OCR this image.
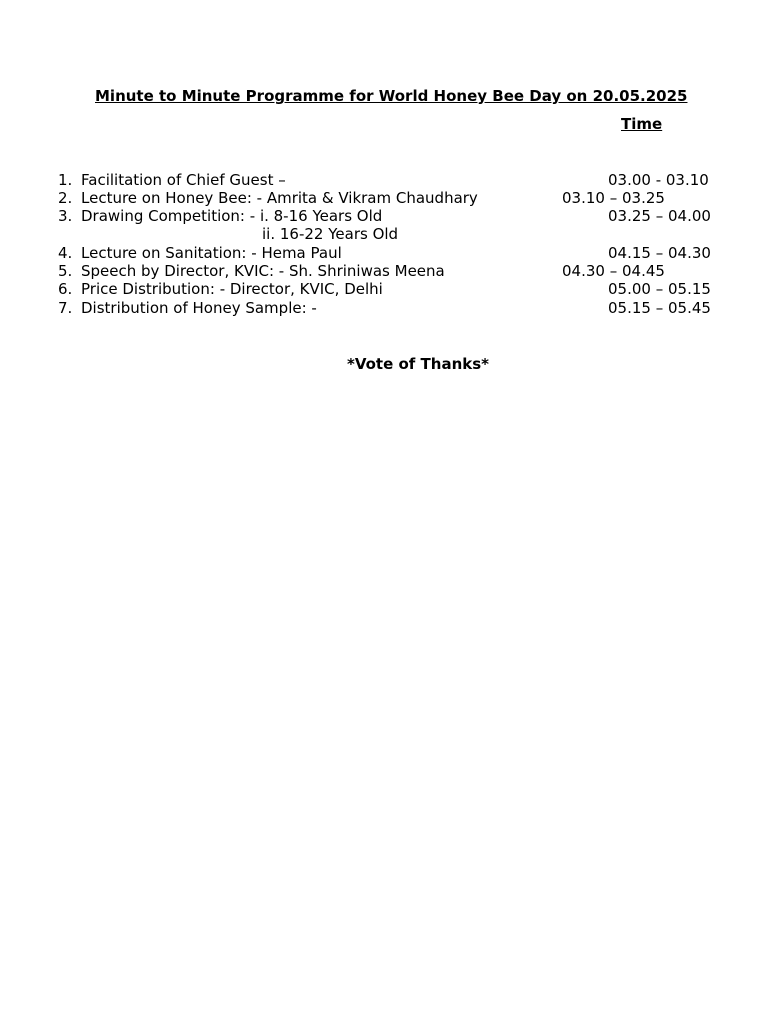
Minute to Minute Programme for World Honey Bee Day on 20.05.2025
Time
1. Facilitation of Chief Guest –	03.00 - 03.10
2. Lecture on Honey Bee: - Amrita & Vikram Chaudhary	03.10 – 03.25
3. Drawing Competition: - i. 8-16 Years Old	03.25 – 04.00
ii. 16-22 Years Old
4. Lecture on Sanitation: - Hema Paul	04.15 – 04.30
5. Speech by Director, KVIC: - Sh. Shriniwas Meena	04.30 – 04.45
6. Price Distribution: - Director, KVIC, Delhi	05.00 – 05.15
7. Distribution of Honey Sample: -	05.15 – 05.45
*Vote of Thanks*
